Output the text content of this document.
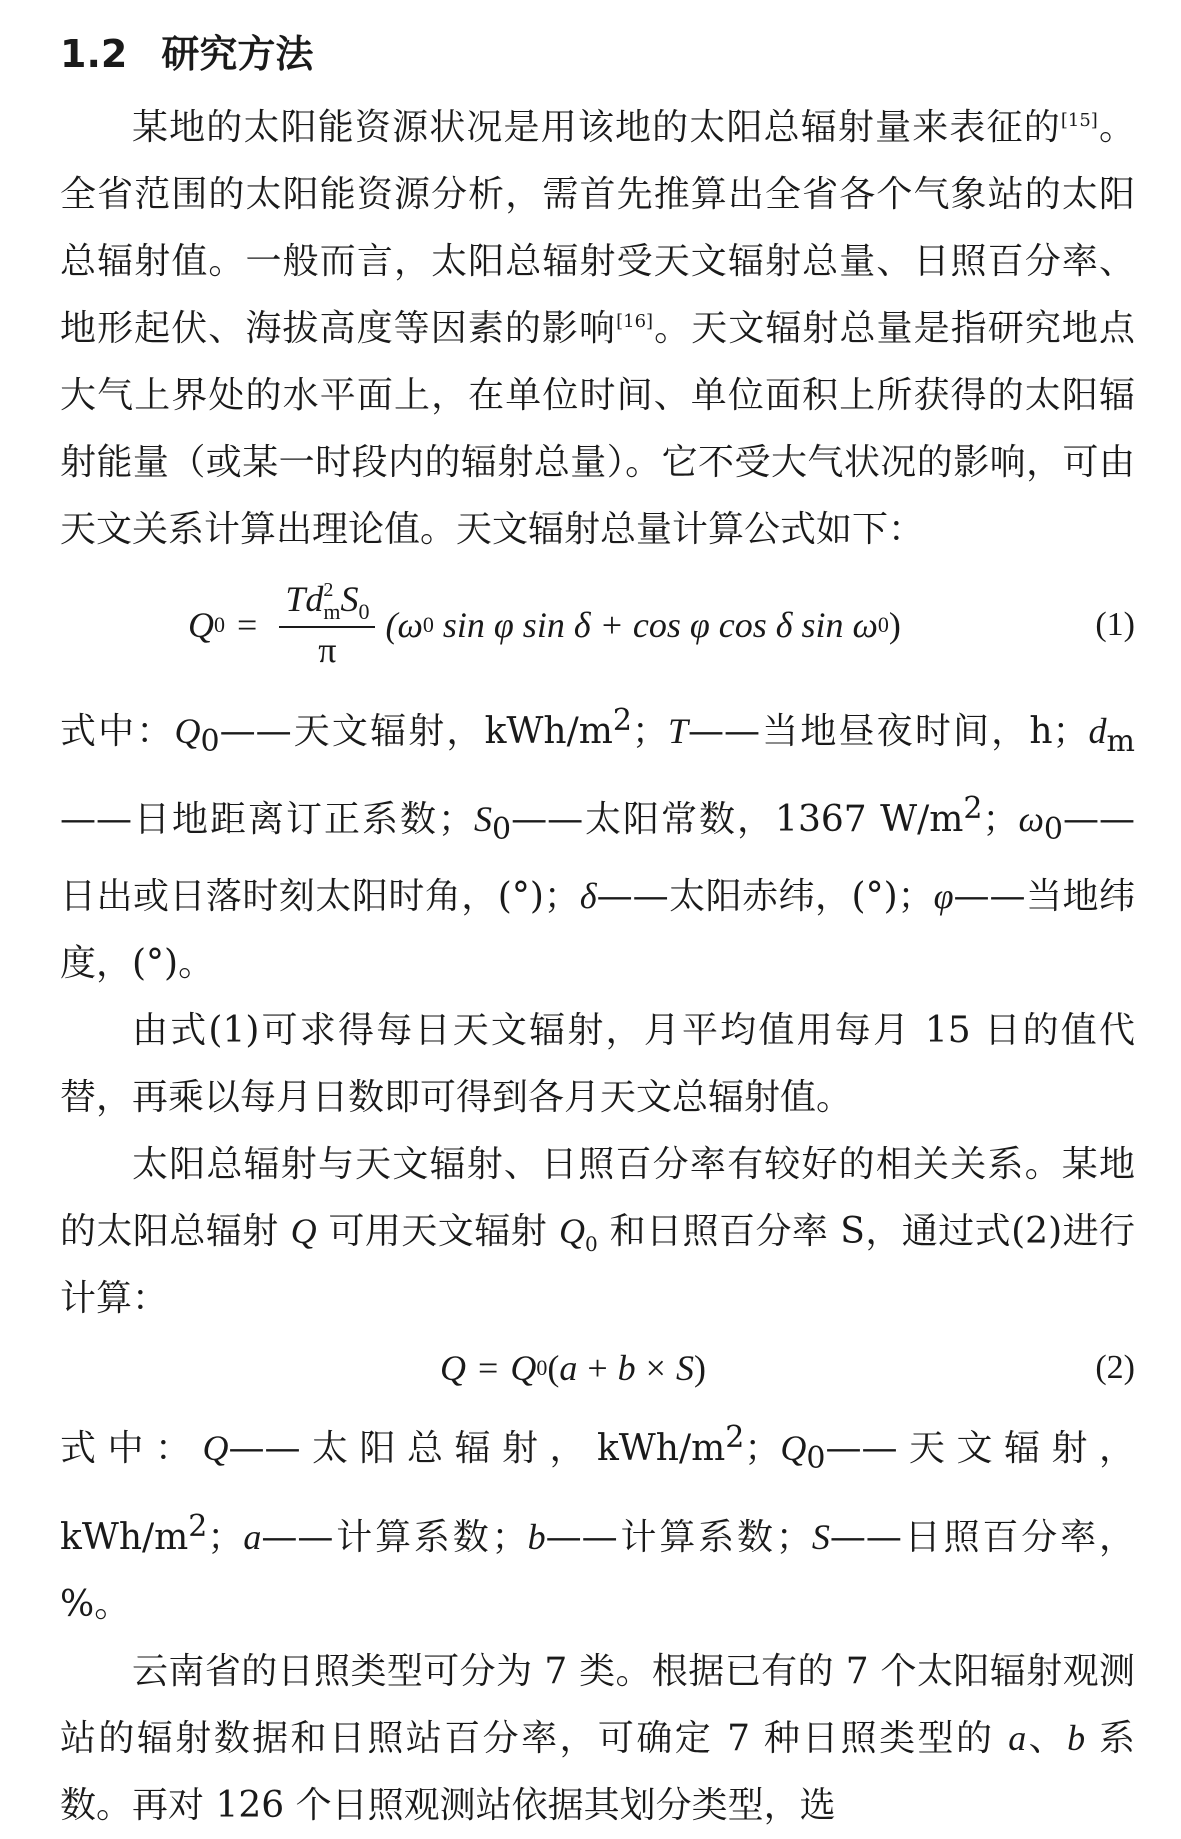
1.2 研究方法

某地的太阳能资源状况是用该地的太阳总辐射量来表征的[15]。全省范围的太阳能资源分析，需首先推算出全省各个气象站的太阳总辐射值。一般而言，太阳总辐射受天文辐射总量、日照百分率、地形起伏、海拔高度等因素的影响[16]。天文辐射总量是指研究地点大气上界处的水平面上，在单位时间、单位面积上所获得的太阳辐射能量（或某一时段内的辐射总量）。它不受大气状况的影响，可由天文关系计算出理论值。天文辐射总量计算公式如下：

Q $0 = \frac{Td^2_mS_0}{\pi} (\omega$ 0 sin φ sin δ + cos φ cos δ sin ω 0 )	(1)

式中：$Q_0——$天文辐射，kWh/$m^2$；T——当地昼夜时间，h；$d_m——$日地距离订正系数；$S_0——$太阳常数，1367 $W/m^2$；$\omega_0——$日出或日落时刻太阳时角，(°)；δ——太阳赤纬，(°)；φ——当地纬度，(°)。

由式(1)可求得每日天文辐射，月平均值用每月 15 日的值代替，再乘以每月日数即可得到各月天文总辐射值。

太阳总辐射与天文辐射、日照百分率有较好的相关关系。某地的太阳总辐射 Q 可用天文辐射 $Q_0$ 和日照百分率 S，通过式(2)进行计算：

Q = Q 0 ( a + b × S )	(2)

式中：Q——太阳总辐射，kWh/$m^2$；$Q_0——$天文辐射，kWh/$m^2$；a——计算系数；b——计算系数；S——日照百分率，%。

云南省的日照类型可分为 7 类。根据已有的 7 个太阳辐射观测站的辐射数据和日照站百分率，可确定 7 种日照类型的 a、b 系数。再对 126 个日照观测站依据其划分类型，选
